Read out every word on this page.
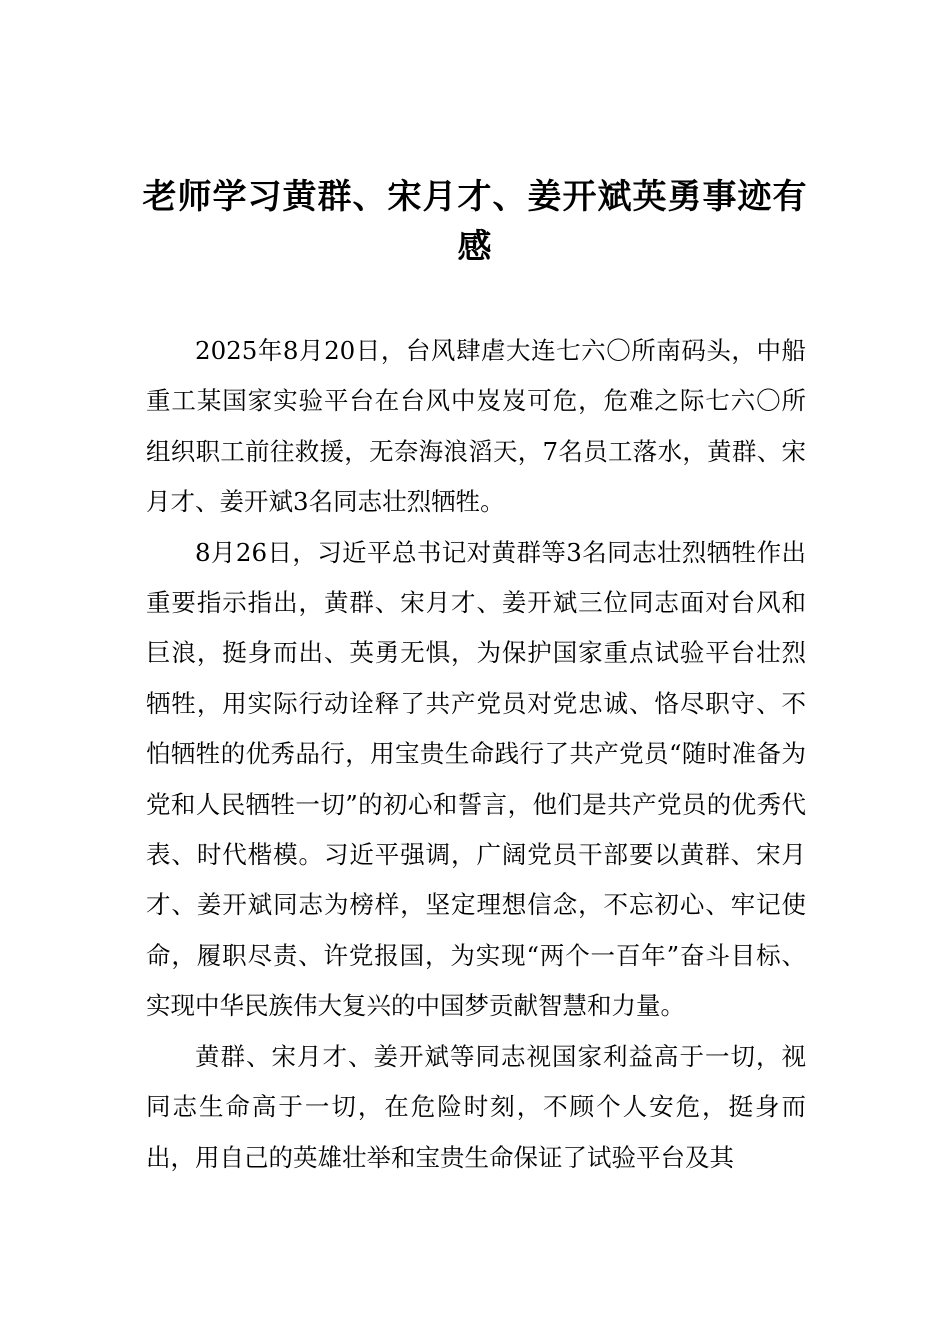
老师学习黄群、宋月才、姜开斌英勇事迹有感

2025年8月20日，台风肆虐大连七六〇所南码头，中船重工某国家实验平台在台风中岌岌可危，危难之际七六〇所组织职工前往救援，无奈海浪滔天，7名员工落水，黄群、宋月才、姜开斌3名同志壮烈牺牲。

8月26日，习近平总书记对黄群等3名同志壮烈牺牲作出重要指示指出，黄群、宋月才、姜开斌三位同志面对台风和巨浪，挺身而出、英勇无惧，为保护国家重点试验平台壮烈牺牲，用实际行动诠释了共产党员对党忠诚、恪尽职守、不怕牺牲的优秀品行，用宝贵生命践行了共产党员“随时准备为党和人民牺牲一切”的初心和誓言，他们是共产党员的优秀代表、时代楷模。习近平强调，广阔党员干部要以黄群、宋月才、姜开斌同志为榜样，坚定理想信念，不忘初心、牢记使命，履职尽责、许党报国，为实现“两个一百年”奋斗目标、实现中华民族伟大复兴的中国梦贡献智慧和力量。

黄群、宋月才、姜开斌等同志视国家利益高于一切，视同志生命高于一切，在危险时刻，不顾个人安危，挺身而出，用自己的英雄壮举和宝贵生命保证了试验平台及其
